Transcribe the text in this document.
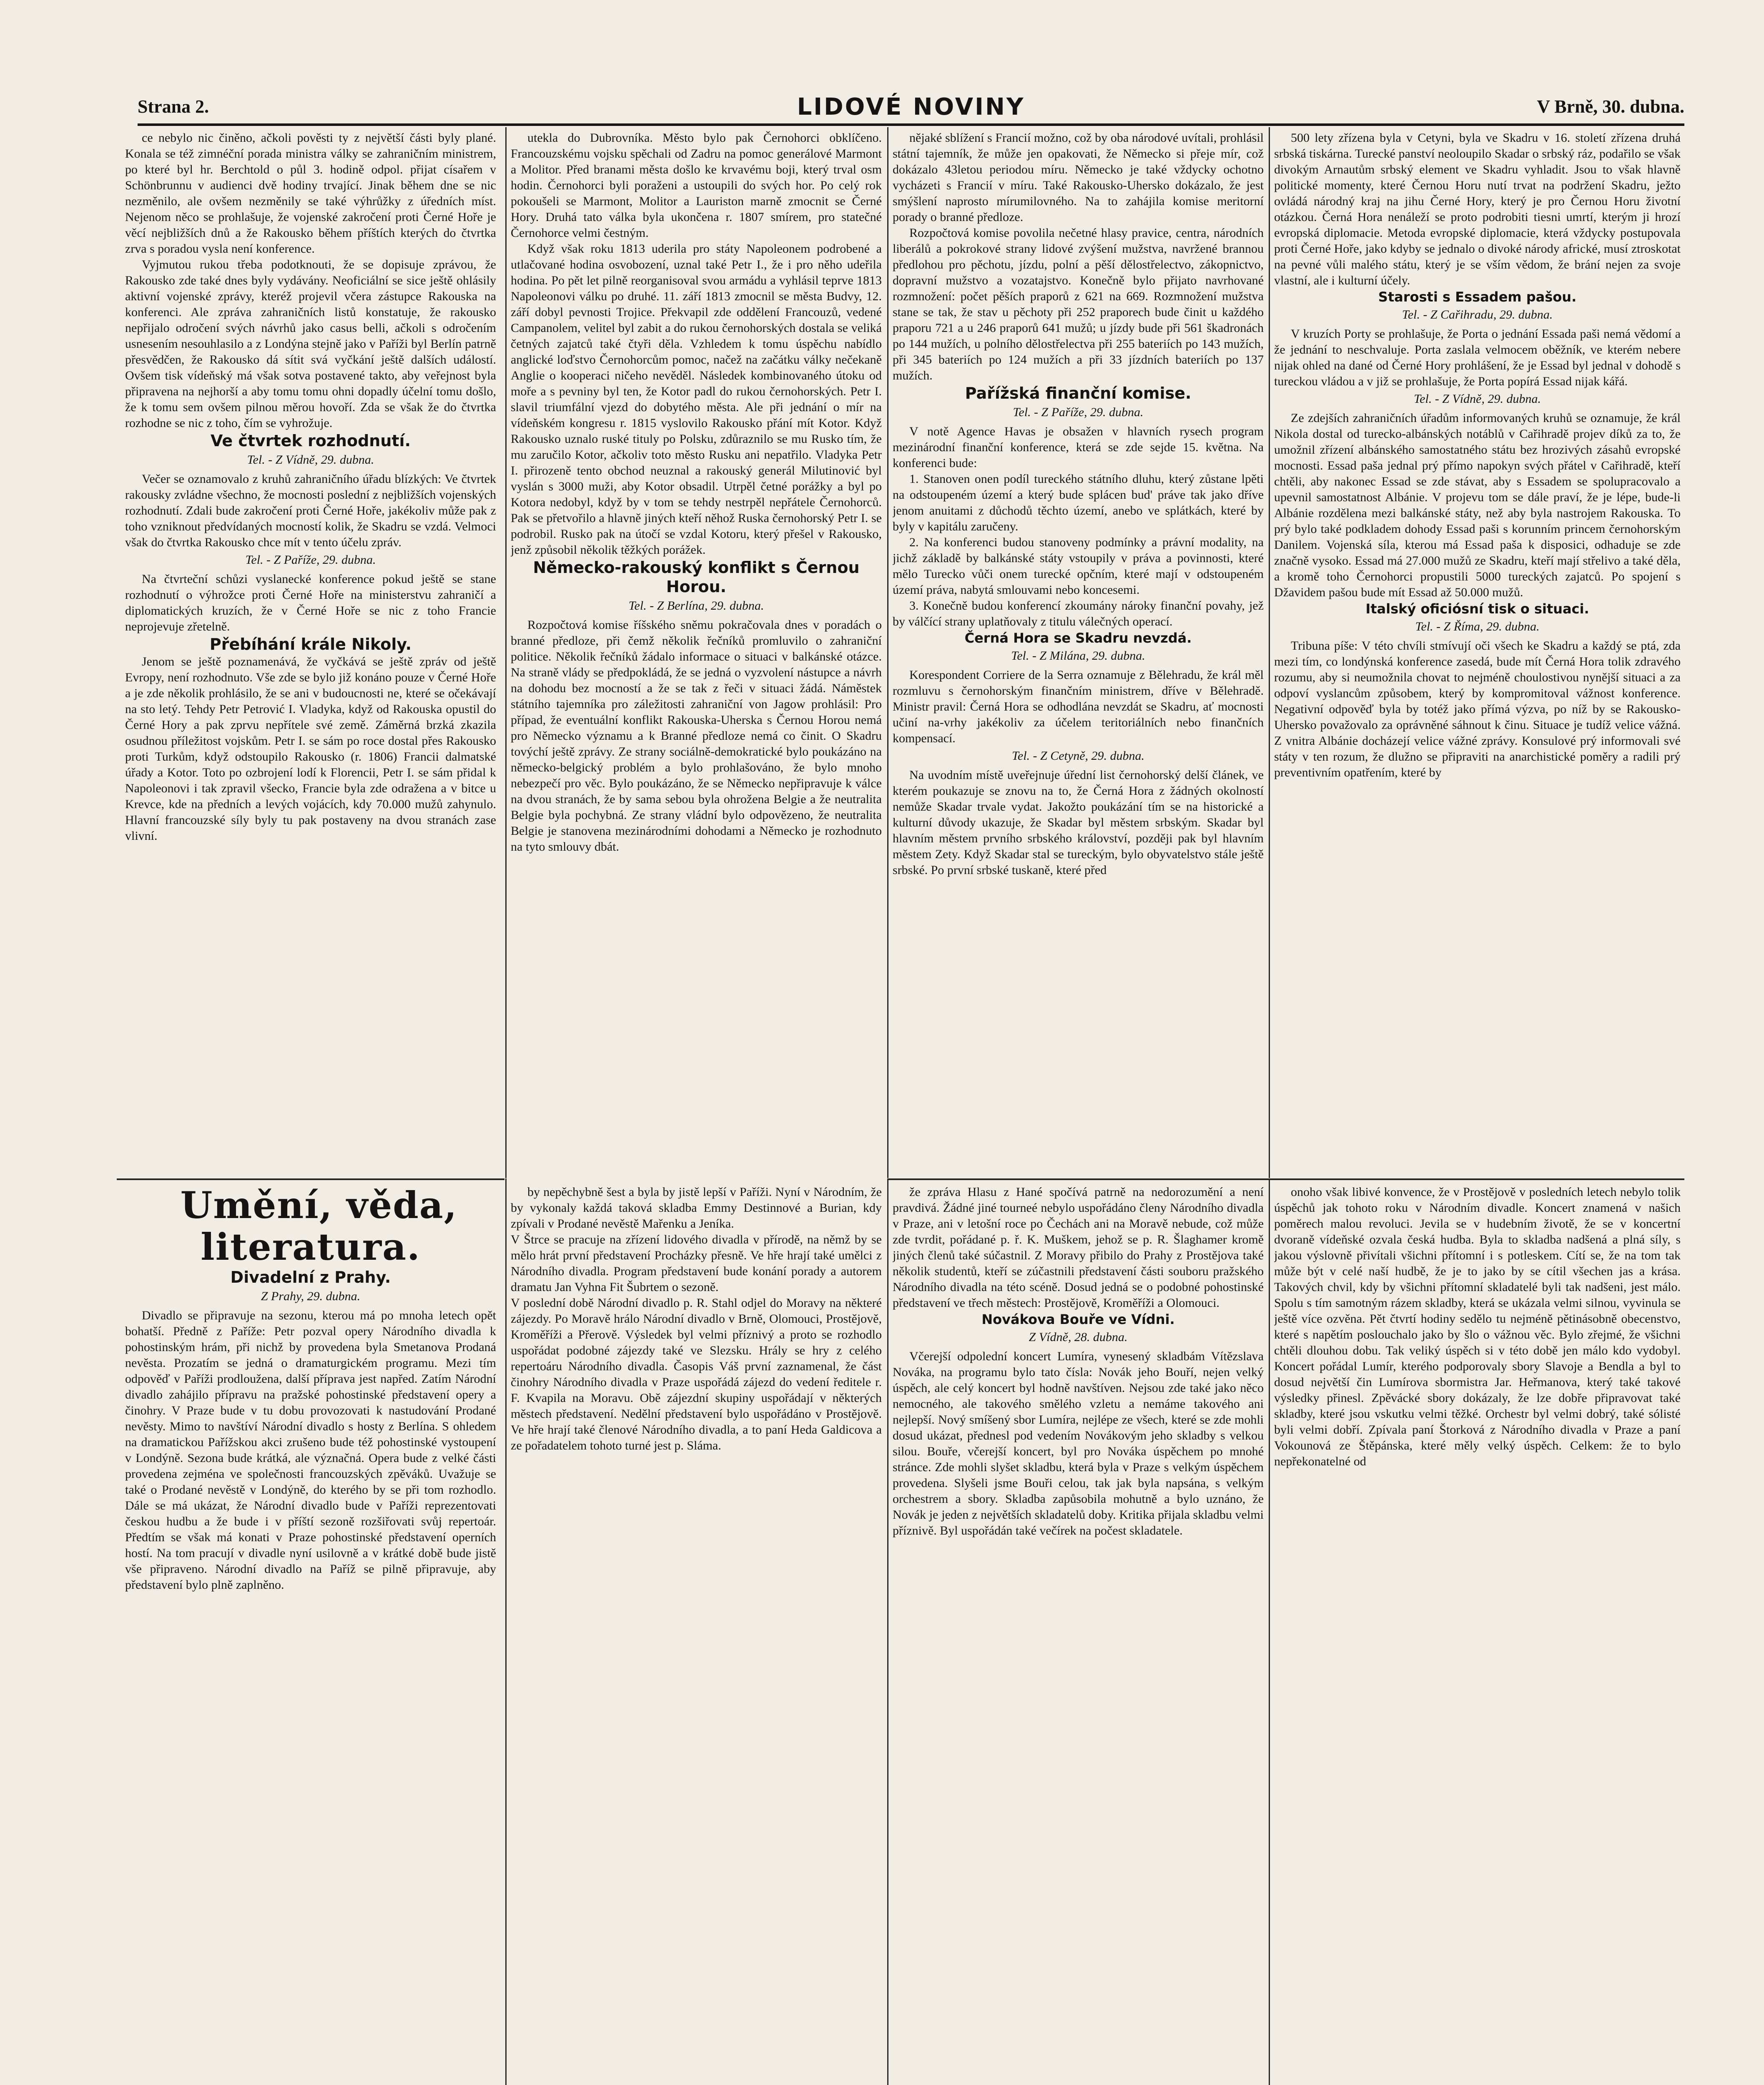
Strana 2.	LIDOVÉ NOVINY	V Brně, 30. dubna.

ce nebylo nic činěno, ačkoli pověsti ty z největší části byly plané. Konala se též zimnéční porada ministra války se zahraničním ministrem, po které byl hr. Berchtold o půl 3. hodině odpol. přijat císařem v Schönbrunnu v audienci dvě hodiny trvající. Jinak během dne se nic nezměnilo, ale ovšem nezměnily se také výhrůžky z úředních míst. Nejenom něco se prohlašuje, že vojenské zakročení proti Černé Hoře je věcí nejbližších dnů a že Rakousko během příštích kterých do čtvrtka zrva s poradou vysla není konference.

Vyjmutou rukou třeba podotknouti, že se dopisuje zprávou, že Rakousko zde také dnes byly vydávány. Neoficiální se sice ještě ohlásily aktivní vojenské zprávy, kteréž projevil včera zástupce Rakouska na konferenci. Ale zpráva zahraničních listů konstatuje, že rakousko nepřijalo odročení svých návrhů jako casus belli, ačkoli s odročením usnesením nesouhlasilo a z Londýna stejně jako v Paříži byl Berlín patrně přesvědčen, že Rakousko dá sítit svá vyčkání ještě dalších událostí. Ovšem tisk vídeňský má však sotva postavené takto, aby veřejnost byla připravena na nejhorší a aby tomu tomu ohni dopadly účelní tomu došlo, že k tomu sem ovšem pilnou měrou hovoří. Zda se však že do čtvrtka rozhodne se nic z toho, čím se vyhrožuje.

Ve čtvrtek rozhodnutí.

Tel. - Z Vídně, 29. dubna.

Večer se oznamovalo z kruhů zahraničního úřadu blízkých: Ve čtvrtek rakousky zvládne všechno, že mocnosti poslední z nejbližších vojenských rozhodnutí. Zdali bude zakročení proti Černé Hoře, jakékoliv může pak z toho vzniknout předvídaných mocností kolik, že Skadru se vzdá. Velmoci však do čtvrtka Rakousko chce mít v tento účelu zpráv.

Tel. - Z Paříže, 29. dubna.

Na čtvrteční schůzi vyslanecké konference pokud ještě se stane rozhodnutí o výhrožce proti Černé Hoře na ministerstvu zahraničí a diplomatických kruzích, že v Černé Hoře se nic z toho Francie neprojevuje zřetelně.

Přebíhání krále Nikoly.

Jenom se ještě poznamenává, že vyčkává se ještě zpráv od ještě Evropy, není rozhodnuto. Vše zde se bylo již konáno pouze v Černé Hoře a je zde několik prohlásilo, že se ani v budoucnosti ne, které se očekávají na sto letý. Tehdy Petr Petrović I. Vladyka, když od Rakouska opustil do Černé Hory a pak zprvu nepřítele své země. Záměrná brzká zkazila osudnou příležitost vojskům. Petr I. se sám po roce dostal přes Rakousko proti Turkům, když odstoupilo Rakousko (r. 1806) Francii dalmatské úřady a Kotor. Toto po ozbrojení lodí k Florencii, Petr I. se sám přidal k Napoleonovi i tak zpravil všecko, Francie byla zde odražena a v bitce u Krevce, kde na předních a levých vojácích, kdy 70.000 mužů zahynulo. Hlavní francouzské síly byly tu pak postaveny na dvou stranách zase vlivní.

utekla do Dubrovníka. Město bylo pak Černohorci obklíčeno. Francouzskému vojsku spěchali od Zadru na pomoc generálové Marmont a Molitor. Před branami města došlo ke krvavému boji, který trval osm hodin. Černohorci byli poraženi a ustoupili do svých hor. Po celý rok pokoušeli se Marmont, Molitor a Lauriston marně zmocnit se Černé Hory. Druhá tato válka byla ukončena r. 1807 smírem, pro statečné Černohorce velmi čestným.

Když však roku 1813 uderila pro státy Napoleonem podrobené a utlačované hodina osvobození, uznal také Petr I., že i pro něho udeřila hodina. Po pět let pilně reorganisoval svou armádu a vyhlásil teprve 1813 Napoleonovi válku po druhé. 11. září 1813 zmocnil se města Budvy, 12. září dobyl pevnosti Trojice. Překvapil zde oddělení Francouzů, vedené Campanolem, velitel byl zabit a do rukou černohorských dostala se veliká četných zajatců také čtyři děla. Vzhledem k tomu úspěchu nabídlo anglické loďstvo Černohorcům pomoc, načež na začátku války nečekaně Anglie o kooperaci ničeho nevěděl. Následek kombinovaného útoku od moře a s pevniny byl ten, že Kotor padl do rukou černohorských. Petr I. slavil triumfální vjezd do dobytého města. Ale při jednání o mír na vídeňském kongresu r. 1815 vyslovilo Rakousko přání mít Kotor. Když Rakousko uznalo ruské tituly po Polsku, zdůraznilo se mu Rusko tím, že mu zaručilo Kotor, ačkoliv toto město Rusku ani nepatřilo. Vladyka Petr I. přirozeně tento obchod neuznal a rakouský generál Milutinović byl vyslán s 3000 muži, aby Kotor obsadil. Utrpěl četné porážky a byl po Kotora nedobyl, když by v tom se tehdy nestrpěl nepřátele Černohorců. Pak se přetvořilo a hlavně jiných kteří něhož Ruska černohorský Petr I. se podrobil. Rusko pak na útočí se vzdal Kotoru, který přešel v Rakousko, jenž způsobil několik těžkých porážek.

Německo-rakouský konflikt s Černou Horou.

Tel. - Z Berlína, 29. dubna.

Rozpočtová komise říšského sněmu pokračovala dnes v poradách o branné předloze, při čemž několik řečníků promluvilo o zahraniční politice. Několik řečníků žádalo informace o situaci v balkánské otázce. Na straně vlády se předpokládá, že se jedná o vyzvolení nástupce a návrh na dohodu bez mocností a že se tak z řeči v situaci žádá. Náměstek státního tajemníka pro záležitosti zahraniční von Jagow prohlásil: Pro případ, že eventuální konflikt Rakouska-Uherska s Černou Horou nemá pro Německo významu a k Branné předloze nemá co činit. O Skadru tovýchí ještě zprávy. Ze strany sociálně-demokratické bylo poukázáno na německo-belgický problém a bylo prohlašováno, že bylo mnoho nebezpečí pro věc. Bylo poukázáno, že se Německo nepřipravuje k válce na dvou stranách, že by sama sebou byla ohrožena Belgie a že neutralita Belgie byla pochybná. Ze strany vládní bylo odpovězeno, že neutralita Belgie je stanovena mezinárodními dohodami a Německo je rozhodnuto na tyto smlouvy dbát.

nějaké sblížení s Francií možno, což by oba národové uvítali, prohlásil státní tajemník, že může jen opakovati, že Německo si přeje mír, což dokázalo 43letou periodou míru. Německo je také vždycky ochotno vycházeti s Francií v míru. Také Rakousko-Uhersko dokázalo, že jest smýšlení naprosto mírumilovného. Na to zahájila komise meritorní porady o branné předloze.

Rozpočtová komise povolila nečetné hlasy pravice, centra, národních liberálů a pokrokové strany lidové zvýšení mužstva, navržené brannou předlohou pro pěchotu, jízdu, polní a pěší dělostřelectvo, zákopnictvo, dopravní mužstvo a vozatajstvo. Konečně bylo přijato navrhované rozmnožení: počet pěších praporů z 621 na 669. Rozmnožení mužstva stane se tak, že stav u pěchoty při 252 praporech bude činit u každého praporu 721 a u 246 praporů 641 mužů; u jízdy bude při 561 škadronách po 144 mužích, u polního dělostřelectva při 255 bateriích po 143 mužích, při 345 bateriích po 124 mužích a při 33 jízdních bateriích po 137 mužích.

Pařížská finanční komise.

Tel. - Z Paříže, 29. dubna.

V notě Agence Havas je obsažen v hlavních rysech program mezinárodní finanční konference, která se zde sejde 15. května. Na konferenci bude:

1. Stanoven onen podíl tureckého státního dluhu, který zůstane lpěti na odstoupeném území a který bude splácen bud' práve tak jako dříve jenom anuitami z důchodů těchto území, anebo ve splátkách, které by byly v kapitálu zaručeny.

2. Na konferenci budou stanoveny podmínky a právní modality, na jichž základě by balkánské státy vstoupily v práva a povinnosti, které mělo Turecko vůči onem turecké opčním, které mají v odstoupeném území práva, nabytá smlouvami nebo koncesemi.

3. Konečně budou konferencí zkoumány nároky finanční povahy, jež by válčící strany uplatňovaly z titulu válečných operací.

Černá Hora se Skadru nevzdá.

Tel. - Z Milána, 29. dubna.

Korespondent Corriere de la Serra oznamuje z Bělehradu, že král měl rozmluvu s černohorským finančním ministrem, dříve v Bělehradě. Ministr pravil: Černá Hora se odhodlána nevzdát se Skadru, ať mocnosti učiní na-vrhy jakékoliv za účelem teritoriálních nebo finančních kompensací.

Tel. - Z Cetyně, 29. dubna.

Na uvodním místě uveřejnuje úřední list černohorský delší článek, ve kterém poukazuje se znovu na to, že Černá Hora z žádných okolností nemůže Skadar trvale vydat. Jakožto poukázání tím se na historické a kulturní důvody ukazuje, že Skadar byl městem srbským. Skadar byl hlavním městem prvního srbského království, později pak byl hlavním městem Zety. Když Skadar stal se tureckým, bylo obyvatelstvo stále ještě srbské. Po první srbské tuskaně, které před

500 lety zřízena byla v Cetyni, byla ve Skadru v 16. století zřízena druhá srbská tiskárna. Turecké panství neoloupilo Skadar o srbský ráz, podařilo se však divokým Arnautům srbský element ve Skadru vyhladit. Jsou to však hlavně politické momenty, které Černou Horu nutí trvat na podržení Skadru, ježto ovládá národný kraj na jihu Černé Hory, který je pro Černou Horu životní otázkou. Černá Hora nenáleží se proto podrobiti tiesni umrtí, kterým ji hrozí evropská diplomacie. Metoda evropské diplomacie, která vždycky postupovala proti Černé Hoře, jako kdyby se jednalo o divoké národy africké, musí ztroskotat na pevné vůli malého státu, který je se vším vědom, že brání nejen za svoje vlastní, ale i kulturní účely.

Starosti s Essadem pašou.

Tel. - Z Cařihradu, 29. dubna.

V kruzích Porty se prohlašuje, že Porta o jednání Essada paši nemá vědomí a že jednání to neschvaluje. Porta zaslala velmocem oběžník, ve kterém nebere nijak ohled na dané od Černé Hory prohlášení, že je Essad byl jednal v dohodě s tureckou vládou a v již se prohlašuje, že Porta popírá Essad nijak kářá.

Tel. - Z Vídně, 29. dubna.

Ze zdejších zahraničních úřadům informovaných kruhů se oznamuje, že král Nikola dostal od turecko-albánských notáblů v Cařihradě projev díků za to, že umožnil zřízení albánského samostatného státu bez hrozivých zásahů evropské mocnosti. Essad paša jednal prý přímo napokyn svých přátel v Cařihradě, kteří chtěli, aby nakonec Essad se zde stávat, aby s Essadem se spolupracovalo a upevnil samostatnost Albánie. V projevu tom se dále praví, že je lépe, bude-li Albánie rozdělena mezi balkánské státy, než aby byla nastrojem Rakouska. To prý bylo také podkladem dohody Essad paši s korunním princem černohorským Danilem. Vojenská síla, kterou má Essad paša k disposici, odhaduje se zde značně vysoko. Essad má 27.000 mužů ze Skadru, kteří mají střelivo a také děla, a kromě toho Černohorci propustili 5000 tureckých zajatců. Po spojení s Džavidem pašou bude mít Essad až 50.000 mužů.

Italský oficiósní tisk o situaci.

Tel. - Z Říma, 29. dubna.

Tribuna píše: V této chvíli stmívují oči všech ke Skadru a každý se ptá, zda mezi tím, co londýnská konference zasedá, bude mít Černá Hora tolik zdravého rozumu, aby si neumožnila chovat to nejméně choulostivou nynější situaci a za odpoví vyslancům způsobem, který by kompromitoval vážnost konference. Negativní odpověď byla by totéž jako přímá výzva, po níž by se Rakousko-Uhersko považovalo za oprávněné sáhnout k činu. Situace je tudíž velice vážná. Z vnitra Albánie docházejí velice vážné zprávy. Konsulové prý informovali své státy v ten rozum, že dlužno se připraviti na anarchistické poměry a radili prý preventivním opatřením, které by

Umění, věda, literatura.

Divadelní z Prahy.

Z Prahy, 29. dubna.

Divadlo se připravuje na sezonu, kterou má po mnoha letech opět bohatší. Předně z Paříže: Petr pozval opery Národního divadla k pohostinským hrám, při nichž by provedena byla Smetanova Prodaná nevěsta. Prozatím se jedná o dramaturgickém programu. Mezi tím odpověď v Paříži prodloužena, další příprava jest napřed. Zatím Národní divadlo zahájilo přípravu na pražské pohostinské představení opery a činohry. V Praze bude v tu dobu provozovati k nastudování Prodané nevěsty. Mimo to navštíví Národní divadlo s hosty z Berlína. S ohledem na dramatickou Pařížskou akci zrušeno bude též pohostinské vystoupení v Londýně. Sezona bude krátká, ale význačná. Opera bude z velké části provedena zejména ve společnosti francouzských zpěváků. Uvažuje se také o Prodané nevěstě v Londýně, do kterého by se při tom rozhodlo. Dále se má ukázat, že Národní divadlo bude v Paříži reprezentovati českou hudbu a že bude i v příští sezoně rozšiřovati svůj repertoár. Předtím se však má konati v Praze pohostinské představení operních hostí. Na tom pracují v divadle nyní usilovně a v krátké době bude jistě vše připraveno. Národní divadlo na Paříž se pilně připravuje, aby představení bylo plně zaplněno.

by nepěchybně šest a byla by jistě lepší v Paříži. Nyní v Národním, že by vykonaly každá taková skladba Emmy Destinnové a Burian, kdy zpívali v Prodané nevěstě Mařenku a Jeníka.
V Štrce se pracuje na zřízení lidového divadla v přírodě, na němž by se mělo hrát první představení Procházky přesně. Ve hře hrají také umělci z Národního divadla. Program představení bude konání porady a autorem dramatu Jan Vyhna Fit Šubrtem o sezoně.
V poslední době Národní divadlo p. R. Stahl odjel do Moravy na některé zájezdy. Po Moravě hrálo Národní divadlo v Brně, Olomouci, Prostějově, Kroměříži a Přerově. Výsledek byl velmi příznivý a proto se rozhodlo uspořádat podobné zájezdy také ve Slezsku. Hrály se hry z celého repertoáru Národního divadla. Časopis Váš první zaznamenal, že část činohry Národního divadla v Praze uspořádá zájezd do vedení ředitele r. F. Kvapila na Moravu. Obě zájezdní skupiny uspořádají v některých městech představení. Nedělní představení bylo uspořádáno v Prostějově. Ve hře hrají také členové Národního divadla, a to paní Heda Galdicova a ze pořadatelem tohoto turné jest p. Sláma.

že zpráva Hlasu z Hané spočívá patrně na nedorozumění a není pravdivá. Žádné jiné tourneé nebylo uspořádáno členy Národního divadla v Praze, ani v letošní roce po Čechách ani na Moravě nebude, což může zde tvrdit, pořádané p. ř. K. Muškem, jehož se p. R. Šlaghamer kromě jiných členů také súčastnil. Z Moravy přibilo do Prahy z Prostějova také několik studentů, kteří se zúčastnili představení části souboru pražského Národního divadla na této scéně. Dosud jedná se o podobné pohostinské představení ve třech městech: Prostějově, Kroměříži a Olomouci.

Novákova Bouře ve Vídni.

Z Vídně, 28. dubna.

Včerejší odpolední koncert Lumíra, vynesený skladbám Vítězslava Nováka, na programu bylo tato čísla: Novák jeho Bouří, nejen velký úspěch, ale celý koncert byl hodně navštíven. Nejsou zde také jako něco nemocného, ale takového smělého vzletu a nemáme takového ani nejlepší. Nový smíšený sbor Lumíra, nejlépe ze všech, které se zde mohli dosud ukázat, přednesl pod vedením Novákovým jeho skladby s velkou silou. Bouře, včerejší koncert, byl pro Nováka úspěchem po mnohé stránce. Zde mohli slyšet skladbu, která byla v Praze s velkým úspěchem provedena. Slyšeli jsme Bouři celou, tak jak byla napsána, s velkým orchestrem a sbory. Skladba zapůsobila mohutně a bylo uznáno, že Novák je jeden z největších skladatelů doby. Kritika přijala skladbu velmi příznivě. Byl uspořádán také večírek na počest skladatele.

onoho však libivé konvence, že v Prostějově v posledních letech nebylo tolik úspěchů jak tohoto roku v Národním divadle. Koncert znamená v našich poměrech malou revoluci. Jevila se v hudebním životě, že se v koncertní dvoraně vídeňské ozvala česká hudba. Byla to skladba nadšená a plná síly, s jakou výslovně přivítali všichni přítomní i s potleskem. Cítí se, že na tom tak může být v celé naší hudbě, že je to jako by se cítil všechen jas a krása. Takových chvil, kdy by všichni přítomní skladatelé byli tak nadšeni, jest málo. Spolu s tím samotným rázem skladby, která se ukázala velmi silnou, vyvinula se ještě více ozvěna. Pět čtvrtí hodiny sedělo tu nejméně pětinásobně obecenstvo, které s napětím poslouchalo jako by šlo o vážnou věc. Bylo zřejmé, že všichni chtěli dlouhou dobu. Tak veliký úspěch si v této době jen málo kdo vydobyl. Koncert pořádal Lumír, kterého podporovaly sbory Slavoje a Bendla a byl to dosud největší čin Lumírova sbormistra Jar. Heřmanova, který také takové výsledky přinesl. Zpěvácké sbory dokázaly, že lze dobře připravovat také skladby, které jsou vskutku velmi těžké. Orchestr byl velmi dobrý, také sólisté byli velmi dobří. Zpívala paní Štorková z Národního divadla v Praze a paní Vokounová ze Štěpánska, které měly velký úspěch. Celkem: že to bylo nepřekonatelné od
